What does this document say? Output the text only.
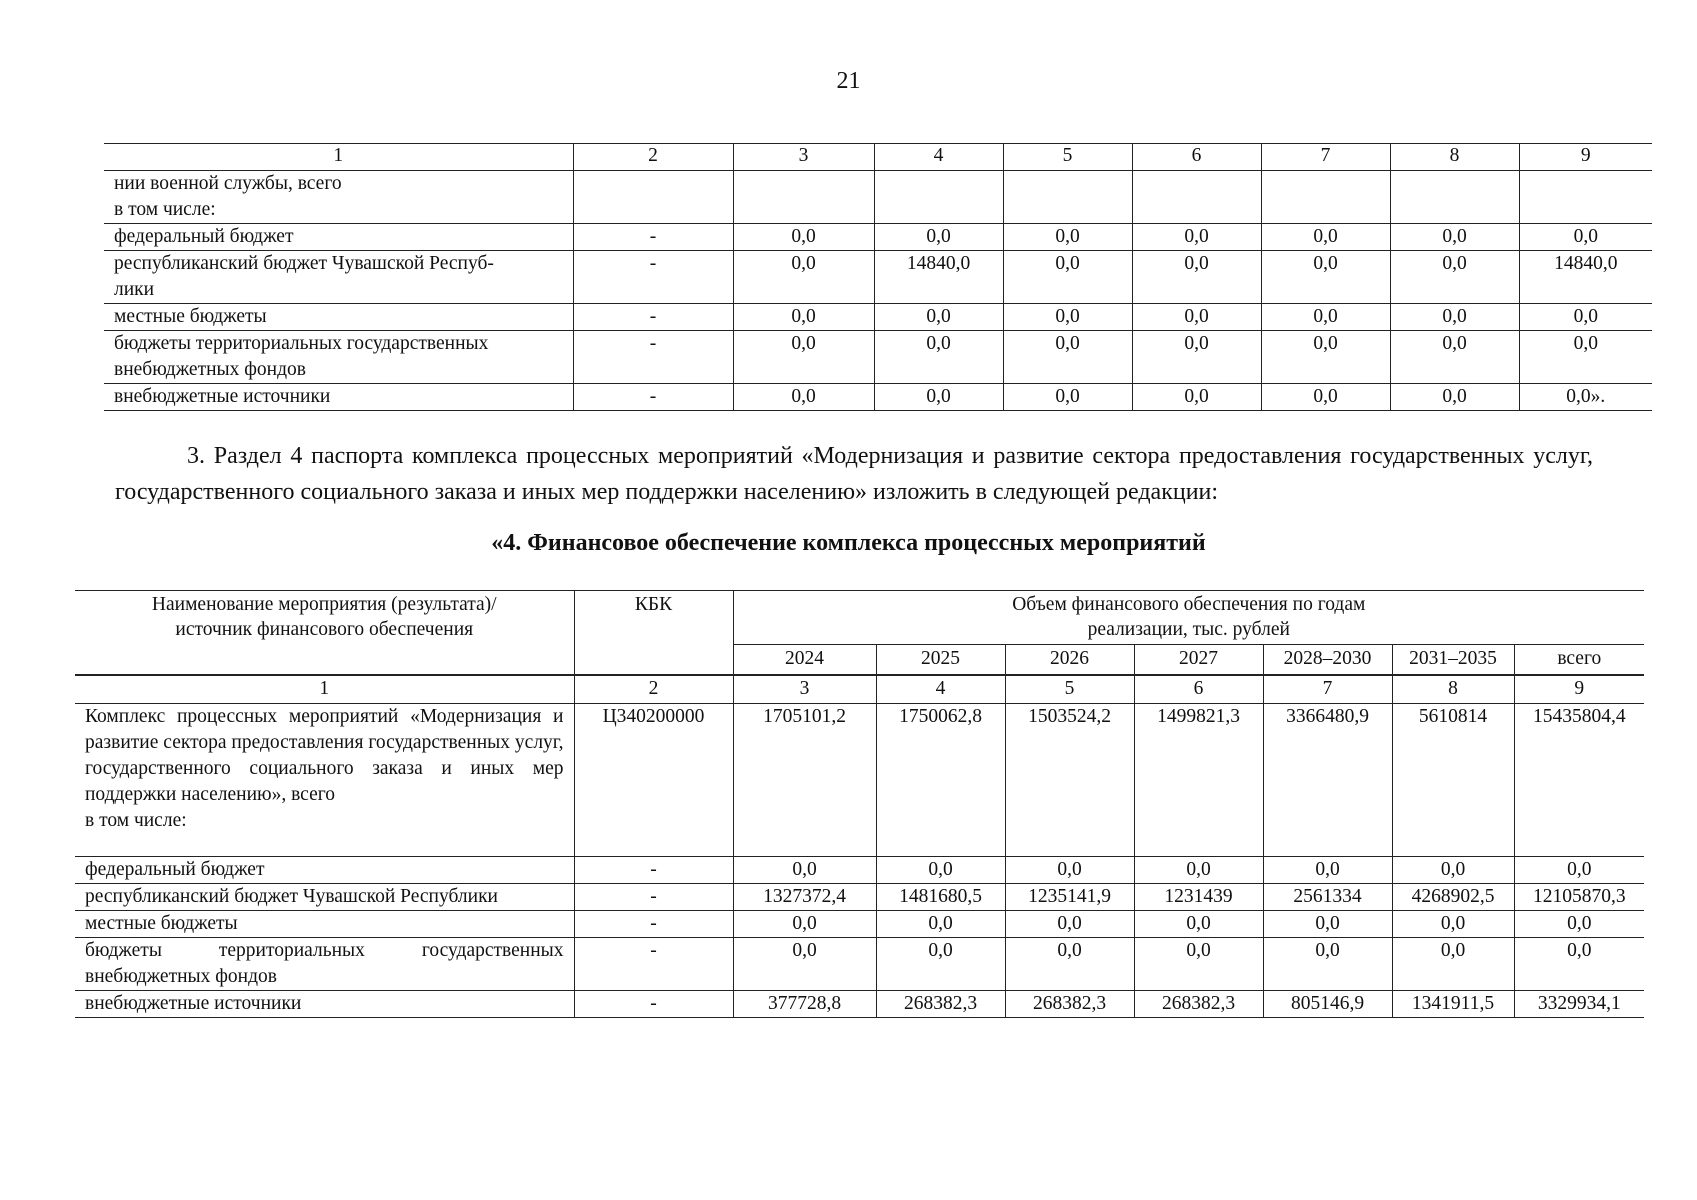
21
1	2	3	4	5	6	7	8	9
нии военной службы, всего
в том числе:								
федеральный бюджет	-	0,0	0,0	0,0	0,0	0,0	0,0	0,0
республиканский бюджет Чувашской Респуб-
лики	-	0,0	14840,0	0,0	0,0	0,0	0,0	14840,0
местные бюджеты	-	0,0	0,0	0,0	0,0	0,0	0,0	0,0
бюджеты территориальных государственных
внебюджетных фондов	-	0,0	0,0	0,0	0,0	0,0	0,0	0,0
внебюджетные источники	-	0,0	0,0	0,0	0,0	0,0	0,0	0,0».
3. Раздел 4 паспорта комплекса процессных мероприятий «Модернизация и развитие сектора предоставления государственных услуг, государственного социального заказа и иных мер поддержки населению» изложить в следующей редакции:
«4. Финансовое обеспечение комплекса процессных мероприятий
Наименование мероприятия (результата)/
источник финансового обеспечения	КБК	Объем финансового обеспечения по годам
реализации, тыс. рублей						
		2024	2025	2026	2027	2028–2030	2031–2035	всего
1	2	3	4	5	6	7	8	9
Комплекс процессных мероприятий «Модернизация и развитие сектора предоставления государственных услуг, государственного социального заказа и иных мер поддержки населению», всего
в том числе:	Ц340200000	1705101,2	1750062,8	1503524,2	1499821,3	3366480,9	5610814	15435804,4
федеральный бюджет	-	0,0	0,0	0,0	0,0	0,0	0,0	0,0
республиканский бюджет Чувашской Республики	-	1327372,4	1481680,5	1235141,9	1231439	2561334	4268902,5	12105870,3
местные бюджеты	-	0,0	0,0	0,0	0,0	0,0	0,0	0,0
бюджеты территориальных государственных внебюджетных фондов	-	0,0	0,0	0,0	0,0	0,0	0,0	0,0
внебюджетные источники	-	377728,8	268382,3	268382,3	268382,3	805146,9	1341911,5	3329934,1
